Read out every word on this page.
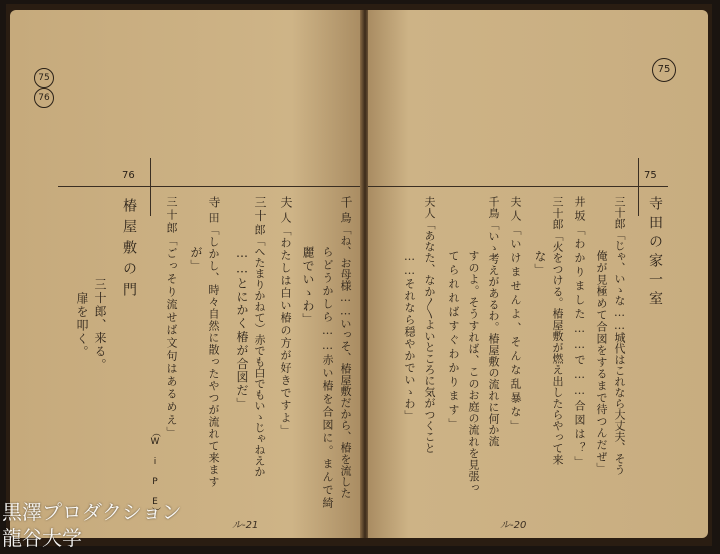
75
76
76
椿屋敷の門
三十郎、来る。
扉を叩く。
千
鳥「ね、お母様……いっそ、椿屋敷だから、椿を流した
らどうかしら……赤い椿を合図に。まんで綺
麗でいゝわ」
夫
人「わたしは白い椿の方が好きですよ」
三十
郎「へたまりかねて）赤でも白でもいゝじゃねえか
……とにかく椿が合図だ」
寺
田「しかし、時々自然に散ったやつが流れて来ます
が」
三十郎「ごっそり流せば文句はあるめえ」
（W i P E）
ル-21
75
75
寺田の家一室
三十郎「じゃ、いゝな……城代はこれなら大丈夫、そう
俺が見極めて合図をするまで待つんだぜ」
井坂「わかりました……で……合図は？」
三十郎「火をつける。椿屋敷が燃え出したらやって来
な」
夫人「いけませんよ、そんな乱暴な」
千鳥「いゝ考えがあるわ。椿屋敷の流れに何か流
すのよ。そうすれば、このお庭の流れを見張っ
てられればすぐわかります」
夫人「あなた、なか〳〵よいところに気がつくこと
……それなら穏やかでいゝわ」
ル-20
黒澤プロダクション
龍谷大学
